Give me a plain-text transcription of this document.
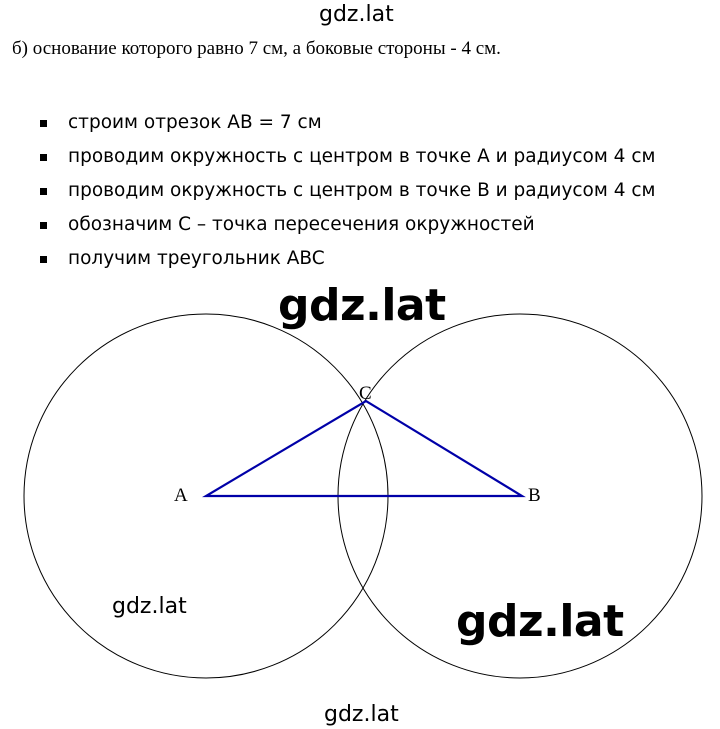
gdz.lat
б) основание которого равно 7 см, а боковые стороны - 4 см.
строим отрезок AB = 7 см
проводим окружность с центром в точке A и радиусом 4 см
проводим окружность с центром в точке B и радиусом 4 см
обозначим C – точка пересечения окружностей
получим треугольник ABC
A	B
C
gdz.lat
gdz.lat	gdz.lat
gdz.lat
